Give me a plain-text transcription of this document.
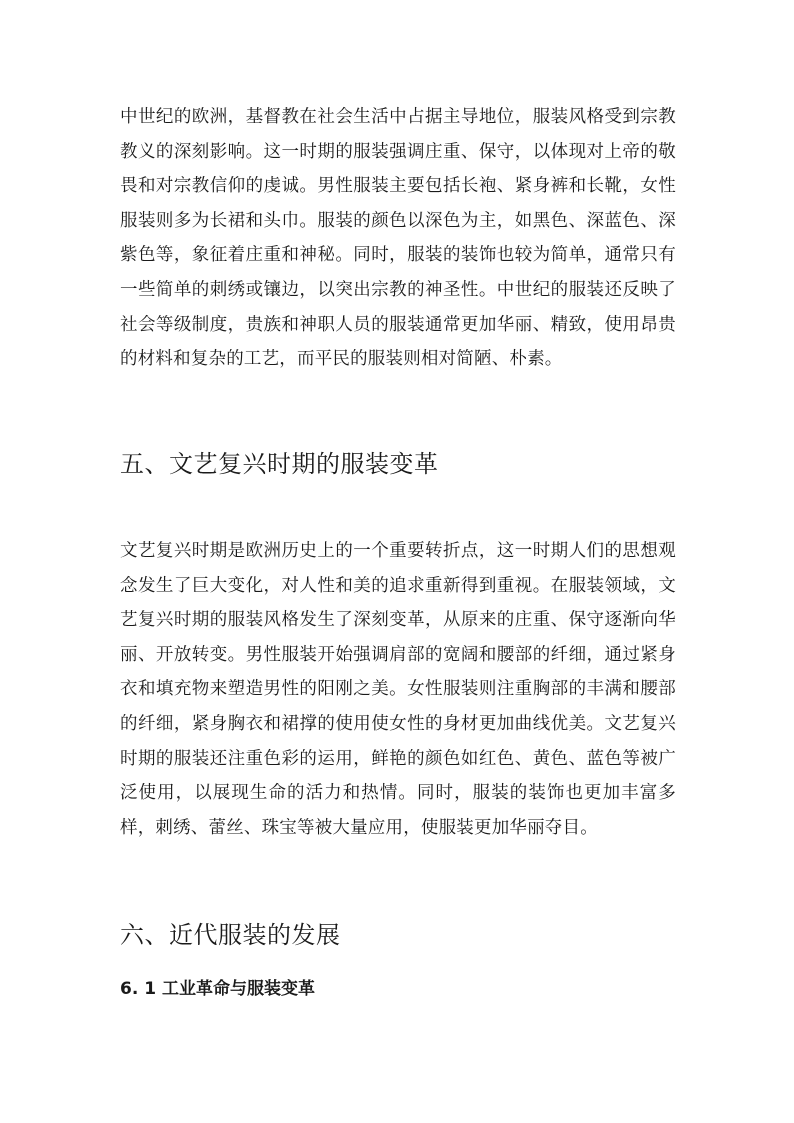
中世纪的欧洲，基督教在社会生活中占据主导地位，服装风格受到宗教教义的深刻影响。这一时期的服装强调庄重、保守，以体现对上帝的敬畏和对宗教信仰的虔诚。男性服装主要包括长袍、紧身裤和长靴，女性服装则多为长裙和头巾。服装的颜色以深色为主，如黑色、深蓝色、深紫色等，象征着庄重和神秘。同时，服装的装饰也较为简单，通常只有一些简单的刺绣或镶边，以突出宗教的神圣性。中世纪的服装还反映了社会等级制度，贵族和神职人员的服装通常更加华丽、精致，使用昂贵的材料和复杂的工艺，而平民的服装则相对简陋、朴素。

五、文艺复兴时期的服装变革

文艺复兴时期是欧洲历史上的一个重要转折点，这一时期人们的思想观念发生了巨大变化，对人性和美的追求重新得到重视。在服装领域，文艺复兴时期的服装风格发生了深刻变革，从原来的庄重、保守逐渐向华丽、开放转变。男性服装开始强调肩部的宽阔和腰部的纤细，通过紧身衣和填充物来塑造男性的阳刚之美。女性服装则注重胸部的丰满和腰部的纤细，紧身胸衣和裙撑的使用使女性的身材更加曲线优美。文艺复兴时期的服装还注重色彩的运用，鲜艳的颜色如红色、黄色、蓝色等被广泛使用，以展现生命的活力和热情。同时，服装的装饰也更加丰富多样，刺绣、蕾丝、珠宝等被大量应用，使服装更加华丽夺目。

六、近代服装的发展
6. 1 工业革命与服装变革
